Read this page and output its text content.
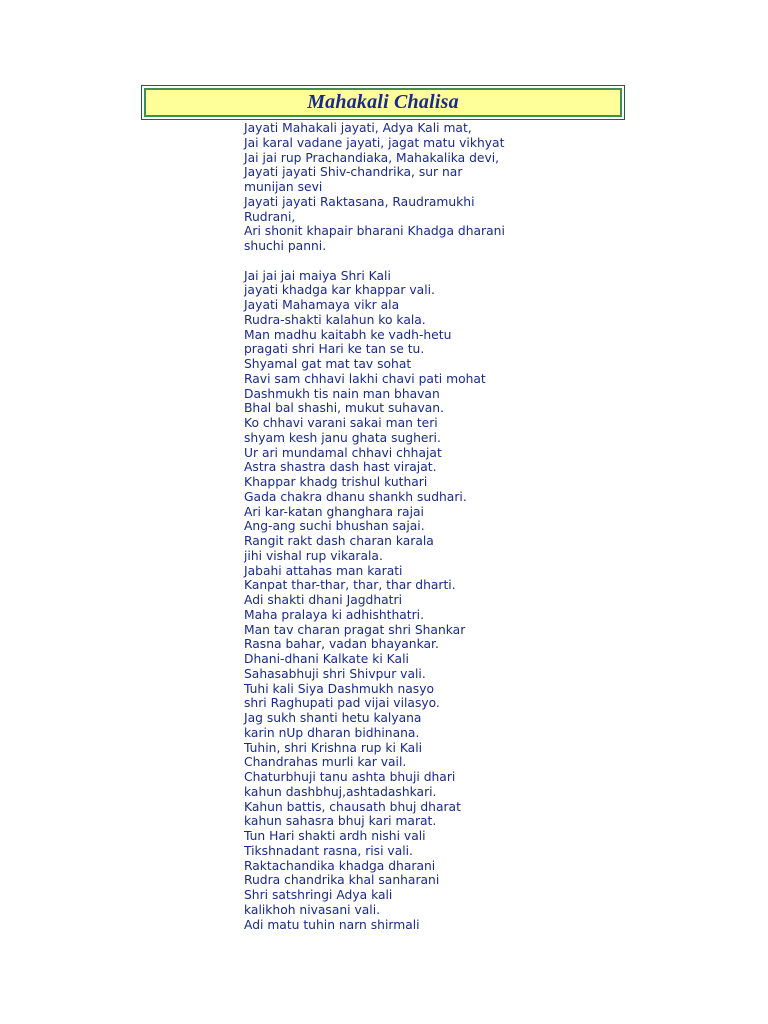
Mahakali Chalisa
Jayati Mahakali jayati, Adya Kali mat,
Jai karal vadane jayati, jagat matu vikhyat
Jai jai rup Prachandiaka, Mahakalika devi,
Jayati jayati Shiv-chandrika, sur nar
munijan sevi
Jayati jayati Raktasana, Raudramukhi
Rudrani,
Ari shonit khapair bharani Khadga dharani
shuchi panni.
Jai jai jai maiya Shri Kali
jayati khadga kar khappar vali.
Jayati Mahamaya vikr ala
Rudra-shakti kalahun ko kala.
Man madhu kaitabh ke vadh-hetu
pragati shri Hari ke tan se tu.
Shyamal gat mat tav sohat
Ravi sam chhavi lakhi chavi pati mohat
Dashmukh tis nain man bhavan
Bhal bal shashi, mukut suhavan.
Ko chhavi varani sakai man teri
shyam kesh janu ghata sugheri.
Ur ari mundamal chhavi chhajat
Astra shastra dash hast virajat.
Khappar khadg trishul kuthari
Gada chakra dhanu shankh sudhari.
Ari kar-katan ghanghara rajai
Ang-ang suchi bhushan sajai.
Rangit rakt dash charan karala
jihi vishal rup vikarala.
Jabahi attahas man karati
Kanpat thar-thar, thar, thar dharti.
Adi shakti dhani Jagdhatri
Maha pralaya ki adhishthatri.
Man tav charan pragat shri Shankar
Rasna bahar, vadan bhayankar.
Dhani-dhani Kalkate ki Kali
Sahasabhuji shri Shivpur vali.
Tuhi kali Siya Dashmukh nasyo
shri Raghupati pad vijai vilasyo.
Jag sukh shanti hetu kalyana
karin nUp dharan bidhinana.
Tuhin, shri Krishna rup ki Kali
Chandrahas murli kar vail.
Chaturbhuji tanu ashta bhuji dhari
kahun dashbhuj,ashtadashkari.
Kahun battis, chausath bhuj dharat
kahun sahasra bhuj kari marat.
Tun Hari shakti ardh nishi vali
Tikshnadant rasna, risi vali.
Raktachandika khadga dharani
Rudra chandrika khal sanharani
Shri satshringi Adya kali
kalikhoh nivasani vali.
Adi matu tuhin narn shirmali
